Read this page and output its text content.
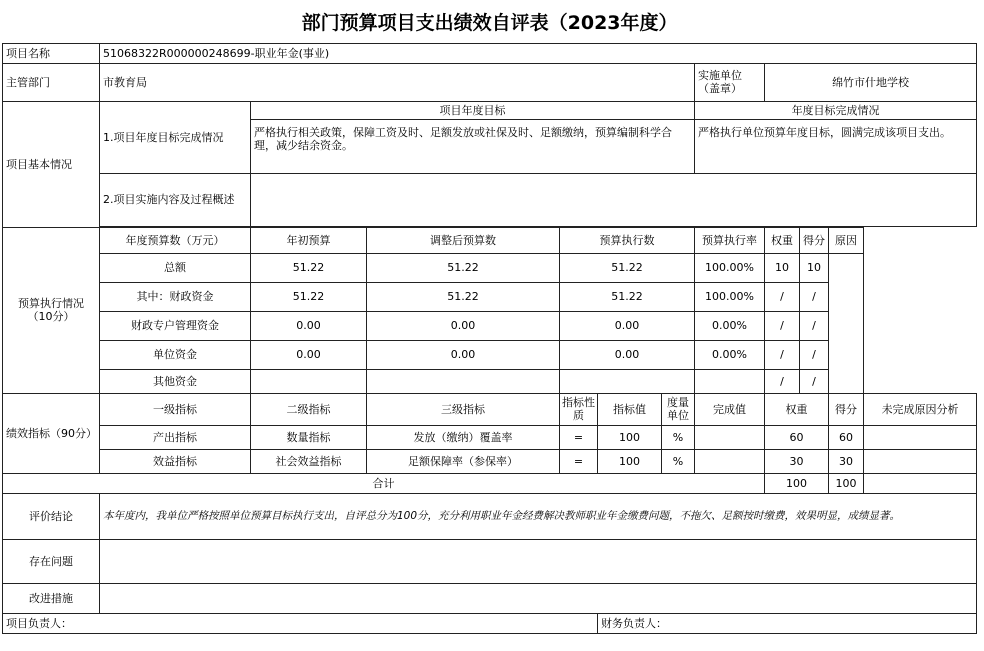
部门预算项目支出绩效自评表（2023年度）											
项目名称	51068322R000000248699-职业年金(事业)										
主管部门	市教育局						实施单位（盖章）	绵竹市什地学校			
项目基本情况	1.项目年度目标完成情况	项目年度目标					年度目标完成情况				
		严格执行相关政策，保障工资及时、足额发放或社保及时、足额缴纳，预算编制科学合理，减少结余资金。					严格执行单位预算年度目标，圆满完成该项目支出。				
	2.项目实施内容及过程概述										

预算执行情况（10分）	年度预算数（万元）	年初预算	调整后预算数	预算执行数			预算执行率	权重	得分	原因	
	总额	51.22	51.22	51.22			100.00%	10	10		
	其中：财政资金	51.22	51.22	51.22			100.00%	/	/		
	财政专户管理资金	0.00	0.00	0.00			0.00%	/	/		
	单位资金	0.00	0.00	0.00			0.00%	/	/		
	其他资金							/	/		
绩效指标（90分）	一级指标	二级指标	三级指标	指标性质	指标值	度量单位	完成值	权重		得分	未完成原因分析
	产出指标	数量指标	发放（缴纳）覆盖率	=	100	%		60		60	
	效益指标	社会效益指标	足额保障率（参保率）	=	100	%		30		30	
合计								100		100	
评价结论	本年度内，我单位严格按照单位预算目标执行支出，自评总分为100分，充分利用职业年金经费解决教师职业年金缴费问题，不拖欠、足额按时缴费，效果明显，成绩显著。										
存在问题											
改进措施											
项目负责人：					财务负责人：						
